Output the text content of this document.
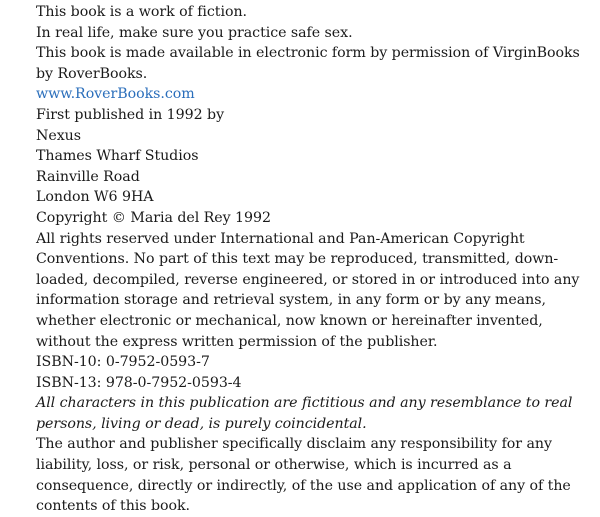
This book is a work of fiction.

In real life, make sure you practice safe sex.

This book is made available in electronic form by permission of VirginBooks by RoverBooks.

www.RoverBooks.com

First published in 1992 by

Nexus

Thames Wharf Studios

Rainville Road

London W6 9HA

Copyright © Maria del Rey 1992

All rights reserved under International and Pan-American Copyright Conventions. No part of this text may be reproduced, transmitted, down-loaded, decompiled, reverse engineered, or stored in or introduced into any information storage and retrieval system, in any form or by any means, whether electronic or mechanical, now known or hereinafter invented, without the express written permission of the publisher.

ISBN-10: 0-7952-0593-7

ISBN-13: 978-0-7952-0593-4

All characters in this publication are fictitious and any resemblance to real persons, living or dead, is purely coincidental.

The author and publisher specifically disclaim any responsibility for any liability, loss, or risk, personal or otherwise, which is incurred as a consequence, directly or indirectly, of the use and application of any of the contents of this book.
